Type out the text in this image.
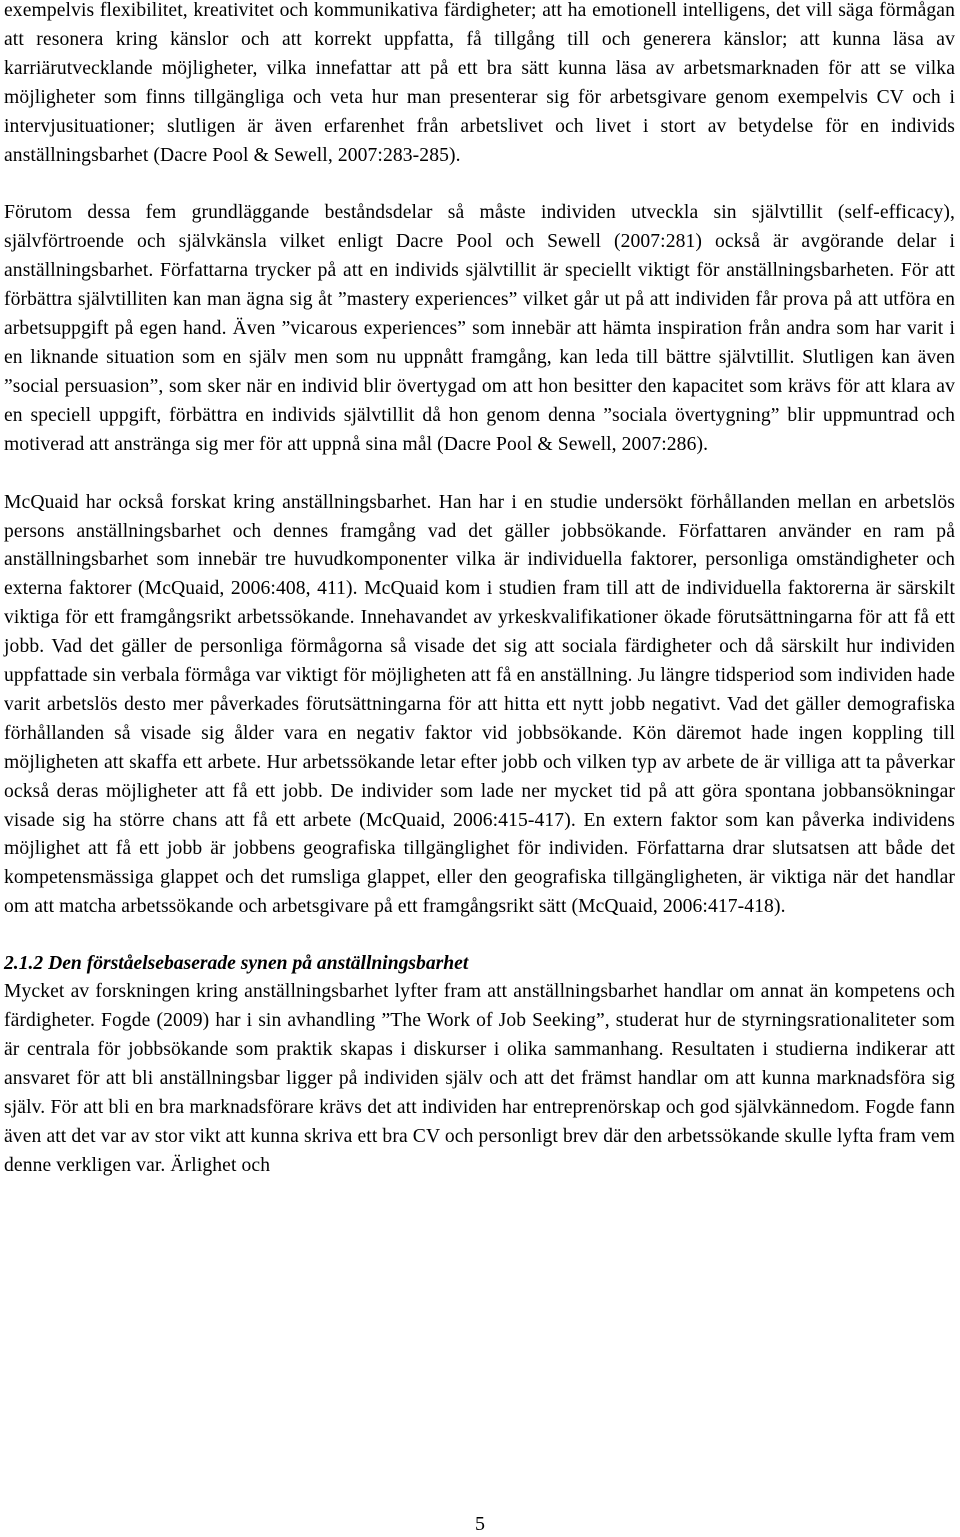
exempelvis flexibilitet, kreativitet och kommunikativa färdigheter; att ha emotionell intelligens, det vill säga förmågan att resonera kring känslor och att korrekt uppfatta, få tillgång till och generera känslor; att kunna läsa av karriärutvecklande möjligheter, vilka innefattar att på ett bra sätt kunna läsa av arbetsmarknaden för att se vilka möjligheter som finns tillgängliga och veta hur man presenterar sig för arbetsgivare genom exempelvis CV och i intervjusituationer; slutligen är även erfarenhet från arbetslivet och livet i stort av betydelse för en individs anställningsbarhet (Dacre Pool & Sewell, 2007:283-285).

Förutom dessa fem grundläggande beståndsdelar så måste individen utveckla sin självtillit (self-efficacy), självförtroende och självkänsla vilket enligt Dacre Pool och Sewell (2007:281) också är avgörande delar i anställningsbarhet. Författarna trycker på att en individs självtillit är speciellt viktigt för anställningsbarheten. För att förbättra självtilliten kan man ägna sig åt ”mastery experiences” vilket går ut på att individen får prova på att utföra en arbetsuppgift på egen hand. Även ”vicarous experiences” som innebär att hämta inspiration från andra som har varit i en liknande situation som en själv men som nu uppnått framgång, kan leda till bättre självtillit. Slutligen kan även ”social persuasion”, som sker när en individ blir övertygad om att hon besitter den kapacitet som krävs för att klara av en speciell uppgift, förbättra en individs självtillit då hon genom denna ”sociala övertygning” blir uppmuntrad och motiverad att anstränga sig mer för att uppnå sina mål (Dacre Pool & Sewell, 2007:286).

McQuaid har också forskat kring anställningsbarhet. Han har i en studie undersökt förhållanden mellan en arbetslös persons anställningsbarhet och dennes framgång vad det gäller jobbsökande. Författaren använder en ram på anställningsbarhet som innebär tre huvudkomponenter vilka är individuella faktorer, personliga omständigheter och externa faktorer (McQuaid, 2006:408, 411). McQuaid kom i studien fram till att de individuella faktorerna är särskilt viktiga för ett framgångsrikt arbetssökande. Innehavandet av yrkeskvalifikationer ökade förutsättningarna för att få ett jobb. Vad det gäller de personliga förmågorna så visade det sig att sociala färdigheter och då särskilt hur individen uppfattade sin verbala förmåga var viktigt för möjligheten att få en anställning. Ju längre tidsperiod som individen hade varit arbetslös desto mer påverkades förutsättningarna för att hitta ett nytt jobb negativt. Vad det gäller demografiska förhållanden så visade sig ålder vara en negativ faktor vid jobbsökande. Kön däremot hade ingen koppling till möjligheten att skaffa ett arbete. Hur arbetssökande letar efter jobb och vilken typ av arbete de är villiga att ta påverkar också deras möjligheter att få ett jobb. De individer som lade ner mycket tid på att göra spontana jobbansökningar visade sig ha större chans att få ett arbete (McQuaid, 2006:415-417). En extern faktor som kan påverka individens möjlighet att få ett jobb är jobbens geografiska tillgänglighet för individen. Författarna drar slutsatsen att både det kompetensmässiga glappet och det rumsliga glappet, eller den geografiska tillgängligheten, är viktiga när det handlar om att matcha arbetssökande och arbetsgivare på ett framgångsrikt sätt (McQuaid, 2006:417-418).

2.1.2 Den förståelsebaserade synen på anställningsbarhet

Mycket av forskningen kring anställningsbarhet lyfter fram att anställningsbarhet handlar om annat än kompetens och färdigheter. Fogde (2009) har i sin avhandling ”The Work of Job Seeking”, studerat hur de styrningsrationaliteter som är centrala för jobbsökande som praktik skapas i diskurser i olika sammanhang. Resultaten i studierna indikerar att ansvaret för att bli anställningsbar ligger på individen själv och att det främst handlar om att kunna marknadsföra sig själv. För att bli en bra marknadsförare krävs det att individen har entreprenörskap och god självkännedom. Fogde fann även att det var av stor vikt att kunna skriva ett bra CV och personligt brev där den arbetssökande skulle lyfta fram vem denne verkligen var. Ärlighet och

5
